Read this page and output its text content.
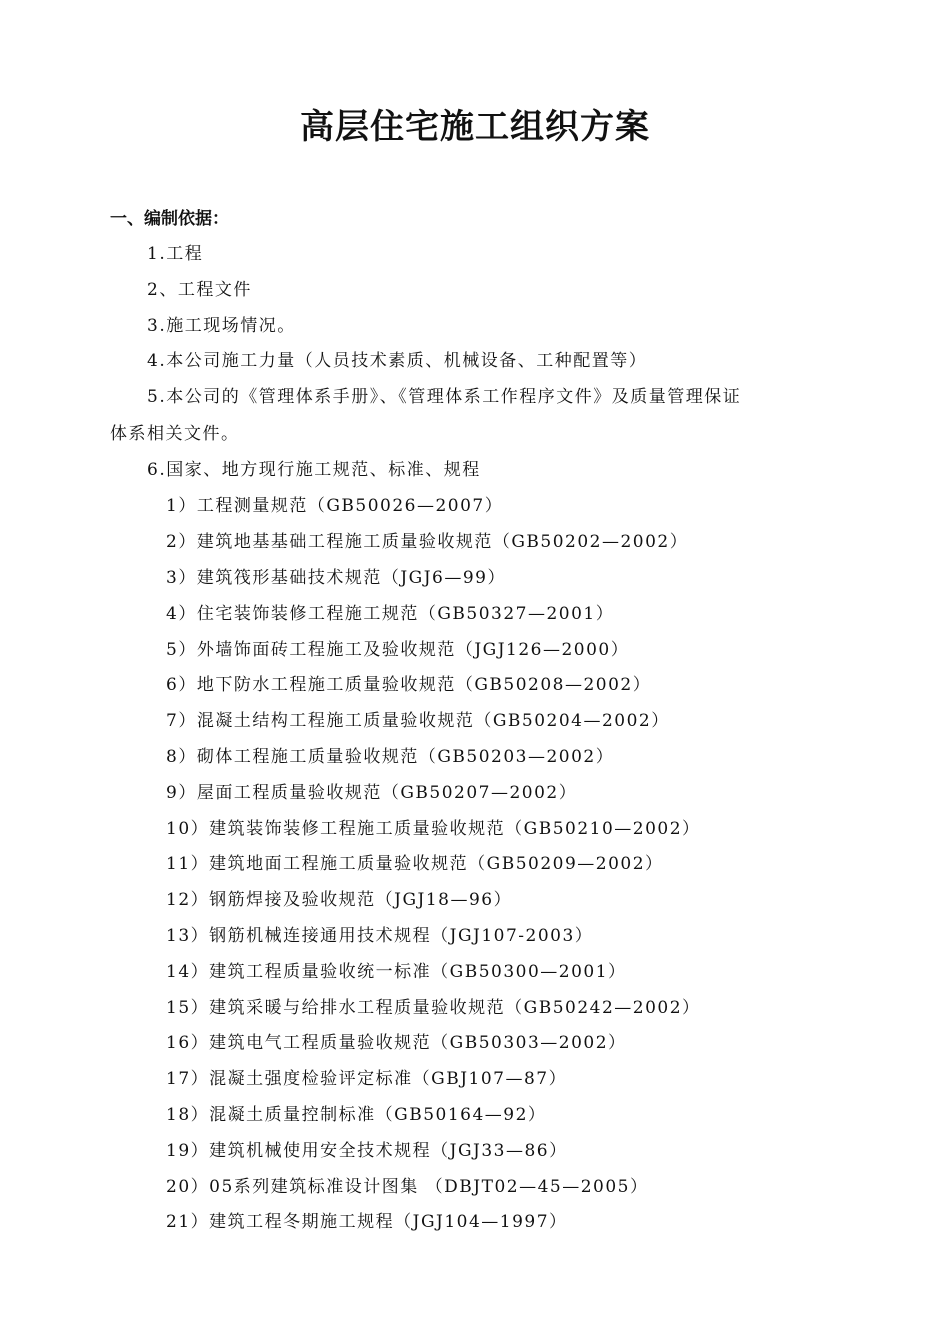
高层住宅施工组织方案
一、编制依据：
1.工程
2、工程文件
3.施工现场情况。
4.本公司施工力量（人员技术素质、机械设备、工种配置等）
5.本公司的《管理体系手册》、《管理体系工作程序文件》及质量管理保证
体系相关文件。
6.国家、地方现行施工规范、标准、规程
1）工程测量规范（GB50026—2007）
2）建筑地基基础工程施工质量验收规范（GB50202—2002）
3）建筑筏形基础技术规范（JGJ6—99）
4）住宅装饰装修工程施工规范（GB50327—2001）
5）外墙饰面砖工程施工及验收规范（JGJ126—2000）
6）地下防水工程施工质量验收规范（GB50208—2002）
7）混凝土结构工程施工质量验收规范（GB50204—2002）
8）砌体工程施工质量验收规范（GB50203—2002）
9）屋面工程质量验收规范（GB50207—2002）
10）建筑装饰装修工程施工质量验收规范（GB50210—2002）
11）建筑地面工程施工质量验收规范（GB50209—2002）
12）钢筋焊接及验收规范（JGJ18—96）
13）钢筋机械连接通用技术规程（JGJ107-2003）
14）建筑工程质量验收统一标准（GB50300—2001）
15）建筑采暖与给排水工程质量验收规范（GB50242—2002）
16）建筑电气工程质量验收规范（GB50303—2002）
17）混凝土强度检验评定标准（GBJ107—87）
18）混凝土质量控制标准（GB50164—92）
19）建筑机械使用安全技术规程（JGJ33—86）
20）05系列建筑标准设计图集 （DBJT02—45—2005）
21）建筑工程冬期施工规程（JGJ104—1997）
